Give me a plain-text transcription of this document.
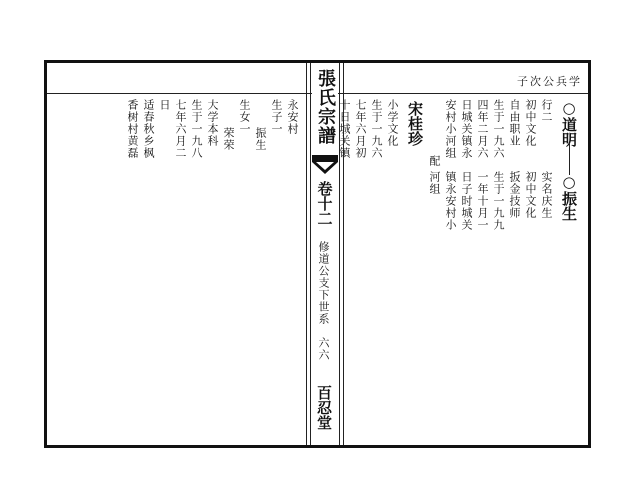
子次公兵学
○道明
○振生
行二
初中文化
自由职业
生于一九六
四年二月六
日城关镇永
安村小河组
实名庆生
初中文化
扳金技师
生于一九九
一年十月一
日子时城关
镇永安村小
河组
配
宋桂珍
小学文化
生于一九六
七年六月初
十日城关镇
張氏宗譜
卷十二
修道公支下世系　六六
百忍堂
永安村
生子一
振生
生女一
荣荣
大学本科
生于一九八
七年六月二
日
适春秋乡枫
香树村黄磊
